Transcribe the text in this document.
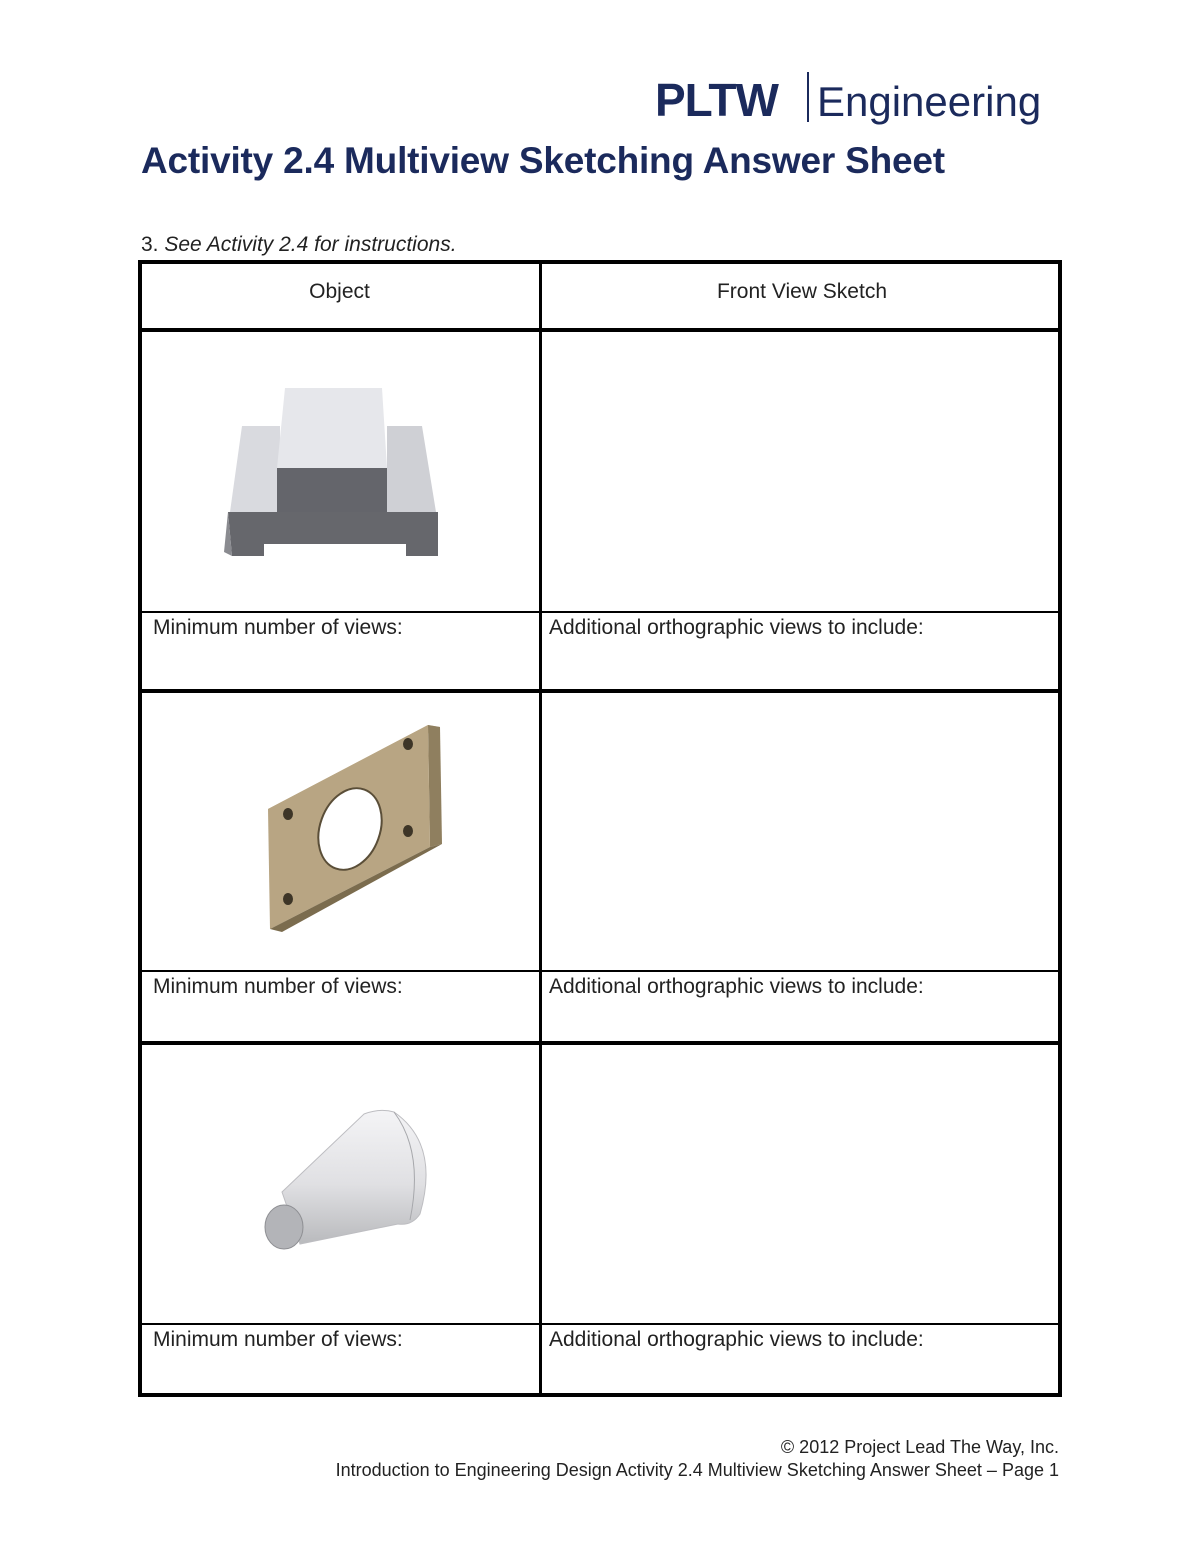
PLTW Engineering
Activity 2.4 Multiview Sketching Answer Sheet
3. See Activity 2.4 for instructions.
Object	Front View Sketch
Minimum number of views:	Additional orthographic views to include:
Minimum number of views:	Additional orthographic views to include:
Minimum number of views:	Additional orthographic views to include:
© 2012 Project Lead The Way, Inc.
Introduction to Engineering Design Activity 2.4 Multiview Sketching Answer Sheet – Page 1
